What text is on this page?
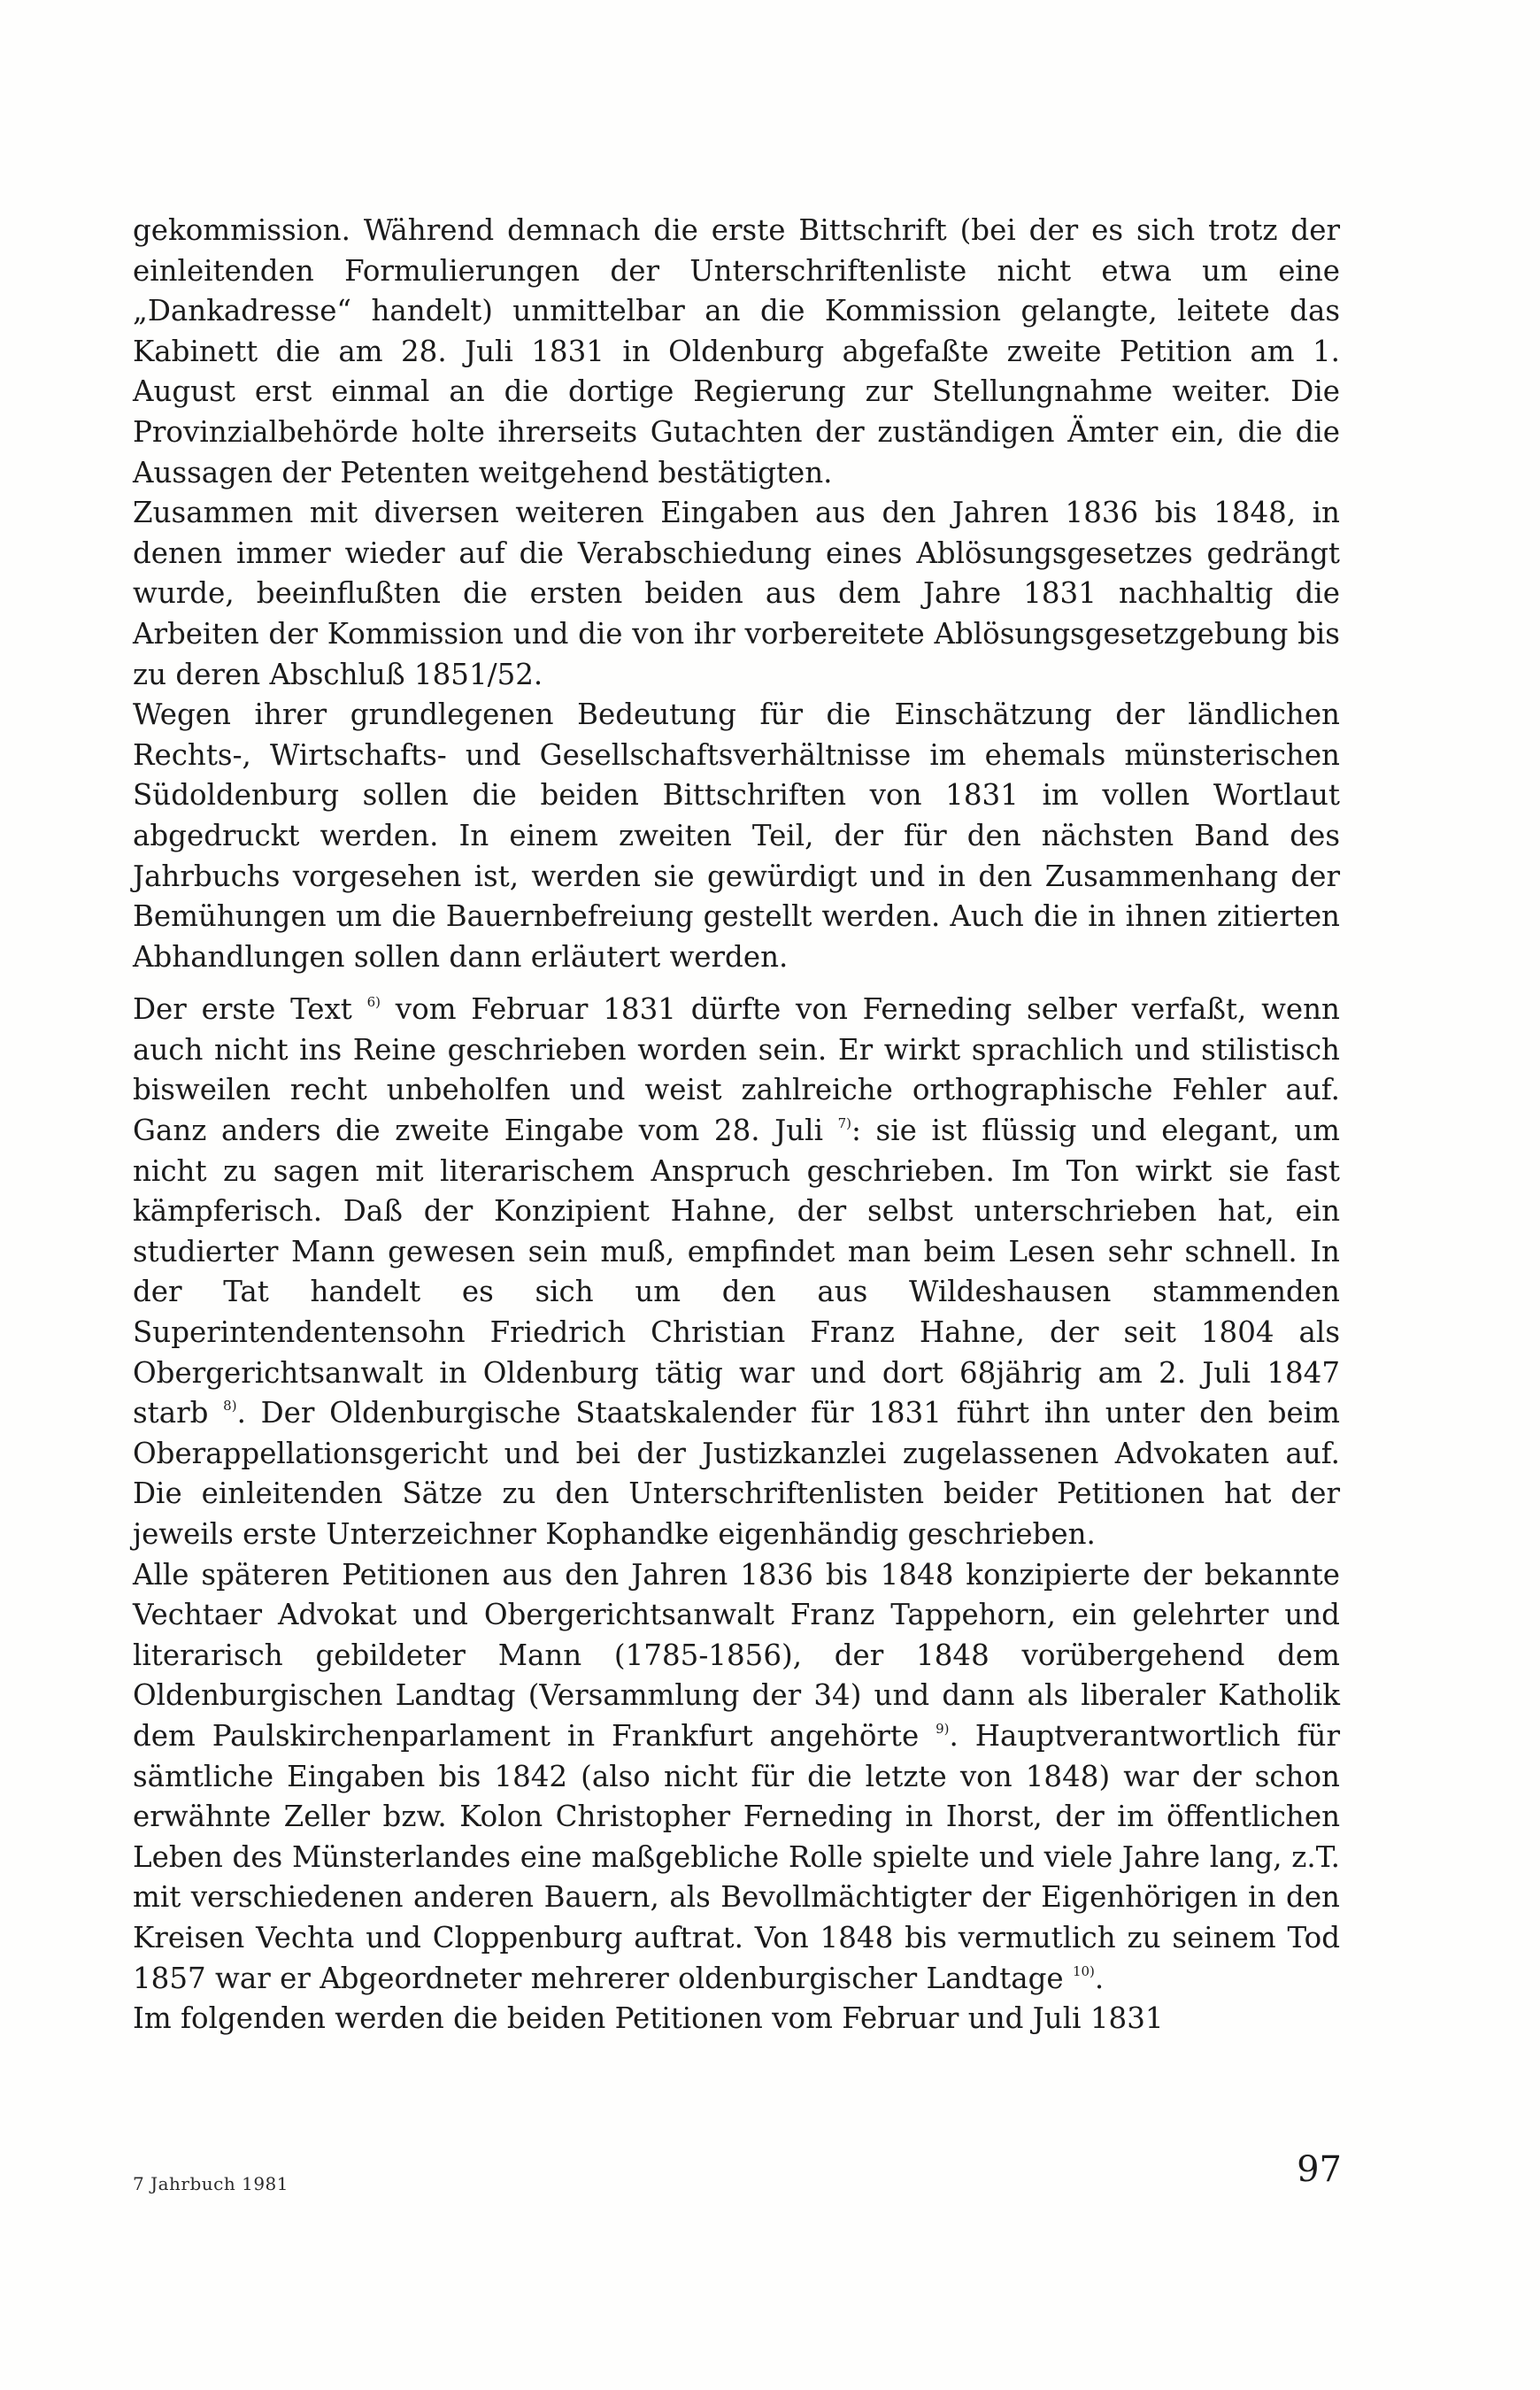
gekommission. Während demnach die erste Bittschrift (bei der es sich trotz der einleitenden Formulierungen der Unterschriftenliste nicht etwa um eine „Dankadresse“ handelt) unmittelbar an die Kommission gelangte, leitete das Kabinett die am 28. Juli 1831 in Oldenburg abgefaßte zweite Petition am 1. August erst einmal an die dortige Regierung zur Stellungnahme weiter. Die Provinzialbehörde holte ihrerseits Gutachten der zuständigen Ämter ein, die die Aussagen der Petenten weitgehend bestätigten.

Zusammen mit diversen weiteren Eingaben aus den Jahren 1836 bis 1848, in denen immer wieder auf die Verabschiedung eines Ablösungsgesetzes gedrängt wurde, beeinflußten die ersten beiden aus dem Jahre 1831 nachhaltig die Arbeiten der Kommission und die von ihr vorbereitete Ablösungsgesetzgebung bis zu deren Abschluß 1851/52.

Wegen ihrer grundlegenen Bedeutung für die Einschätzung der ländlichen Rechts-, Wirtschafts- und Gesellschaftsverhältnisse im ehemals münsterischen Südoldenburg sollen die beiden Bittschriften von 1831 im vollen Wortlaut abgedruckt werden. In einem zweiten Teil, der für den nächsten Band des Jahrbuchs vorgesehen ist, werden sie gewürdigt und in den Zusammenhang der Bemühungen um die Bauernbefreiung gestellt werden. Auch die in ihnen zitierten Abhandlungen sollen dann erläutert werden.

Der erste Text $^{6)}$ vom Februar 1831 dürfte von Ferneding selber verfaßt, wenn auch nicht ins Reine geschrieben worden sein. Er wirkt sprachlich und stilistisch bisweilen recht unbeholfen und weist zahlreiche orthographische Fehler auf. Ganz anders die zweite Eingabe vom 28. Juli $^{7)}$: sie ist flüssig und elegant, um nicht zu sagen mit literarischem Anspruch geschrieben. Im Ton wirkt sie fast kämpferisch. Daß der Konzipient Hahne, der selbst unterschrieben hat, ein studierter Mann gewesen sein muß, empfindet man beim Lesen sehr schnell. In der Tat handelt es sich um den aus Wildeshausen stammenden Superintendentensohn Friedrich Christian Franz Hahne, der seit 1804 als Obergerichtsanwalt in Oldenburg tätig war und dort 68jährig am 2. Juli 1847 starb $^{8)}$. Der Oldenburgische Staatskalender für 1831 führt ihn unter den beim Oberappellationsgericht und bei der Justizkanzlei zugelassenen Advokaten auf. Die einleitenden Sätze zu den Unterschriftenlisten beider Petitionen hat der jeweils erste Unterzeichner Kophandke eigenhändig geschrieben.

Alle späteren Petitionen aus den Jahren 1836 bis 1848 konzipierte der bekannte Vechtaer Advokat und Obergerichtsanwalt Franz Tappehorn, ein gelehrter und literarisch gebildeter Mann (1785-1856), der 1848 vorübergehend dem Oldenburgischen Landtag (Versammlung der 34) und dann als liberaler Katholik dem Paulskirchenparlament in Frankfurt angehörte $^{9)}$. Hauptverantwortlich für sämtliche Eingaben bis 1842 (also nicht für die letzte von 1848) war der schon erwähnte Zeller bzw. Kolon Christopher Ferneding in Ihorst, der im öffentlichen Leben des Münsterlandes eine maßgebliche Rolle spielte und viele Jahre lang, z.T. mit verschiedenen anderen Bauern, als Bevollmächtigter der Eigenhörigen in den Kreisen Vechta und Cloppenburg auftrat. Von 1848 bis vermutlich zu seinem Tod 1857 war er Abgeordneter mehrerer oldenburgischer Landtage $^{10)}$.

Im folgenden werden die beiden Petitionen vom Februar und Juli 1831

7 Jahrbuch 1981	97
